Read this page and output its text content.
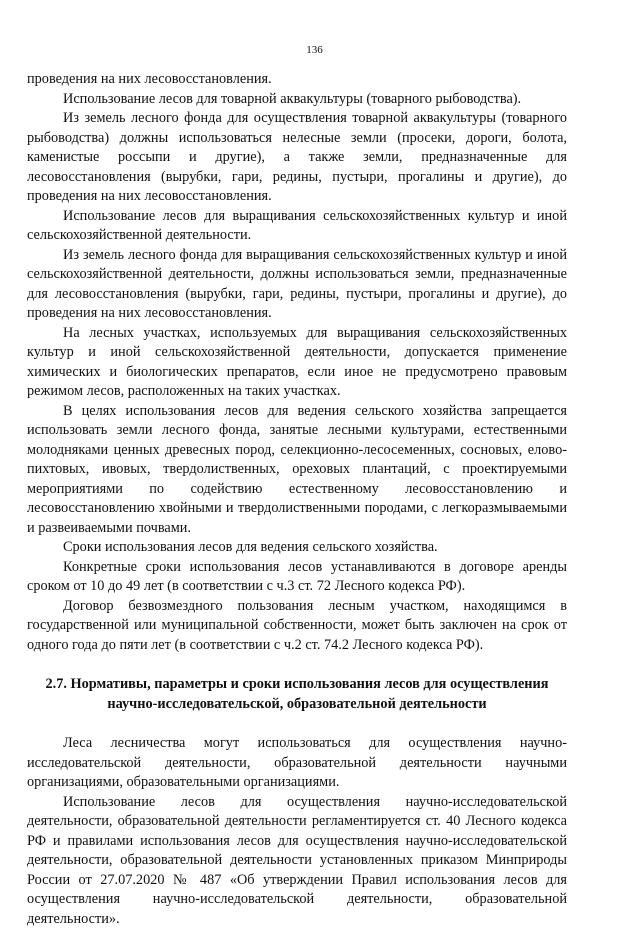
136

проведения на них лесовосстановления.

Использование лесов для товарной аквакультуры (товарного рыбоводства).

Из земель лесного фонда для осуществления товарной аквакультуры (товарного рыбоводства) должны использоваться нелесные земли (просеки, дороги, болота, каменистые россыпи и другие), а также земли, предназначенные для лесовосстановления (вырубки, гари, редины, пустыри, прогалины и другие), до проведения на них лесовосстановления.

Использование лесов для выращивания сельскохозяйственных культур и иной сельскохозяйственной деятельности.

Из земель лесного фонда для выращивания сельскохозяйственных культур и иной сельскохозяйственной деятельности, должны использоваться земли, предназначенные для лесовосстановления (вырубки, гари, редины, пустыри, прогалины и другие), до проведения на них лесовосстановления.

На лесных участках, используемых для выращивания сельскохозяйственных культур и иной сельскохозяйственной деятельности, допускается применение химических и биологических препаратов, если иное не предусмотрено правовым режимом лесов, расположенных на таких участках.

В целях использования лесов для ведения сельского хозяйства запрещается использовать земли лесного фонда, занятые лесными культурами, естественными молодняками ценных древесных пород, селекционно-лесосеменных, сосновых, елово-пихтовых, ивовых, твердолиственных, ореховых плантаций, с проектируемыми мероприятиями по содействию естественному лесовосстановлению и лесовосстановлению хвойными и твердолиственными породами, с легкоразмываемыми и развеиваемыми почвами.

Сроки использования лесов для ведения сельского хозяйства.

Конкретные сроки использования лесов устанавливаются в договоре аренды сроком от 10 до 49 лет (в соответствии с ч.3 ст. 72 Лесного кодекса РФ).

Договор безвозмездного пользования лесным участком, находящимся в государственной или муниципальной собственности, может быть заключен на срок от одного года до пяти лет (в соответствии с ч.2 ст. 74.2 Лесного кодекса РФ).

2.7. Нормативы, параметры и сроки использования лесов для осуществления
научно-исследовательской, образовательной деятельности

Леса лесничества могут использоваться для осуществления научно-исследовательской деятельности, образовательной деятельности научными организациями, образовательными организациями.

Использование лесов для осуществления научно-исследовательской деятельности, образовательной деятельности регламентируется ст. 40 Лесного кодекса РФ и правилами использования лесов для осуществления научно-исследовательской деятельности, образовательной деятельности установленных приказом Минприроды России от 27.07.2020 № 487 «Об утверждении Правил использования лесов для осуществления научно-исследовательской деятельности, образовательной деятельности».
